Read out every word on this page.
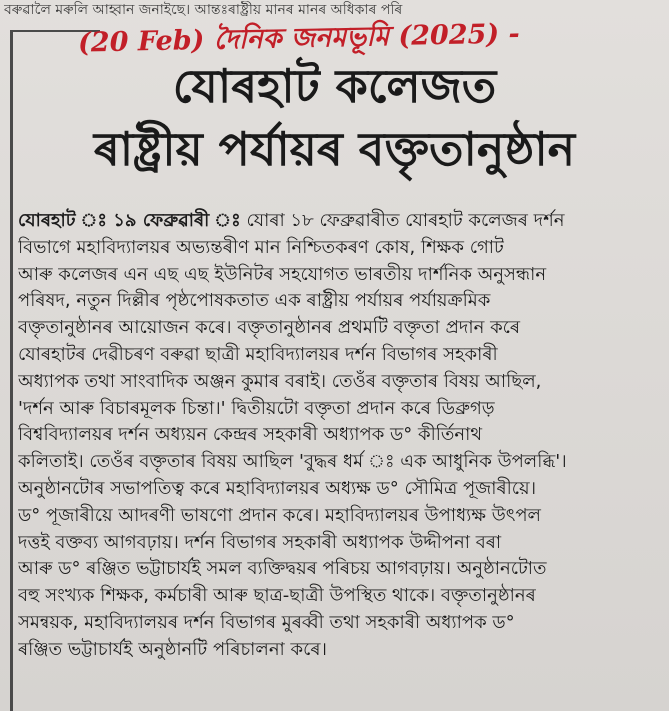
বৰুৱালৈ মৰুলি আহ্বান জনাইছে। আন্তঃৰাষ্ট্ৰীয় মানৰ মানৰ অধিকাৰ পৰি
(20 Feb) দৈনিক জনমভূমি (2025) -
যোৰহাট কলেজত
ৰাষ্ট্ৰীয় পৰ্যায়ৰ বক্তৃতানুষ্ঠান
যোৰহাট ঃ ১৯ ফেব্ৰুৱাৰী ঃ যোৰা ১৮ ফেব্ৰুৱাৰীত যোৰহাট কলেজৰ দৰ্শন
বিভাগে মহাবিদ্যালয়ৰ অভ্যন্তৰীণ মান নিশ্চিতকৰণ কোষ, শিক্ষক গোট
আৰু কলেজৰ এন এছ এছ ইউনিটৰ সহযোগত ভাৰতীয় দাৰ্শনিক অনুসন্ধান
পৰিষদ, নতুন দিল্লীৰ পৃষ্ঠপোষকতাত এক ৰাষ্ট্ৰীয় পৰ্যায়ৰ পৰ্যায়ক্ৰমিক
বক্তৃতানুষ্ঠানৰ আয়োজন কৰে। বক্তৃতানুষ্ঠানৰ প্ৰথমটি বক্তৃতা প্ৰদান কৰে
যোৰহাটৰ দেৱীচৰণ বৰুৱা ছাত্ৰী মহাবিদ্যালয়ৰ দৰ্শন বিভাগৰ সহকাৰী
অধ্যাপক তথা সাংবাদিক অঞ্জন কুমাৰ বৰাই। তেওঁৰ বক্তৃতাৰ বিষয় আছিল,
'দৰ্শন আৰু বিচাৰমূলক চিন্তা।' দ্বিতীয়টো বক্তৃতা প্ৰদান কৰে ডিব্ৰুগড়
বিশ্ববিদ্যালয়ৰ দৰ্শন অধ্যয়ন কেন্দ্ৰৰ সহকাৰী অধ্যাপক ড° কীৰ্তিনাথ
কলিতাই। তেওঁৰ বক্তৃতাৰ বিষয় আছিল 'বুদ্ধৰ ধৰ্ম ঃ এক আধুনিক উপলব্ধি'।
অনুষ্ঠানটোৰ সভাপতিত্ব কৰে মহাবিদ্যালয়ৰ অধ্যক্ষ ড° সৌমিত্ৰ পূজাৰীয়ে।
ড° পূজাৰীয়ে আদৰণী ভাষণো প্ৰদান কৰে। মহাবিদ্যালয়ৰ উপাধ্যক্ষ উৎপল
দত্তই বক্তব্য আগবঢ়ায়। দৰ্শন বিভাগৰ সহকাৰী অধ্যাপক উদ্দীপনা বৰা
আৰু ড° ৰঞ্জিত ভট্টাচাৰ্যই সমল ব্যক্তিদ্বয়ৰ পৰিচয় আগবঢ়ায়। অনুষ্ঠানটোত
বহু সংখ্যক শিক্ষক, কৰ্মচাৰী আৰু ছাত্ৰ-ছাত্ৰী উপস্থিত থাকে। বক্তৃতানুষ্ঠানৰ
সমন্বয়ক, মহাবিদ্যালয়ৰ দৰ্শন বিভাগৰ মুৰব্বী তথা সহকাৰী অধ্যাপক ড°
ৰঞ্জিত ভট্টাচাৰ্যই অনুষ্ঠানটি পৰিচালনা কৰে।
